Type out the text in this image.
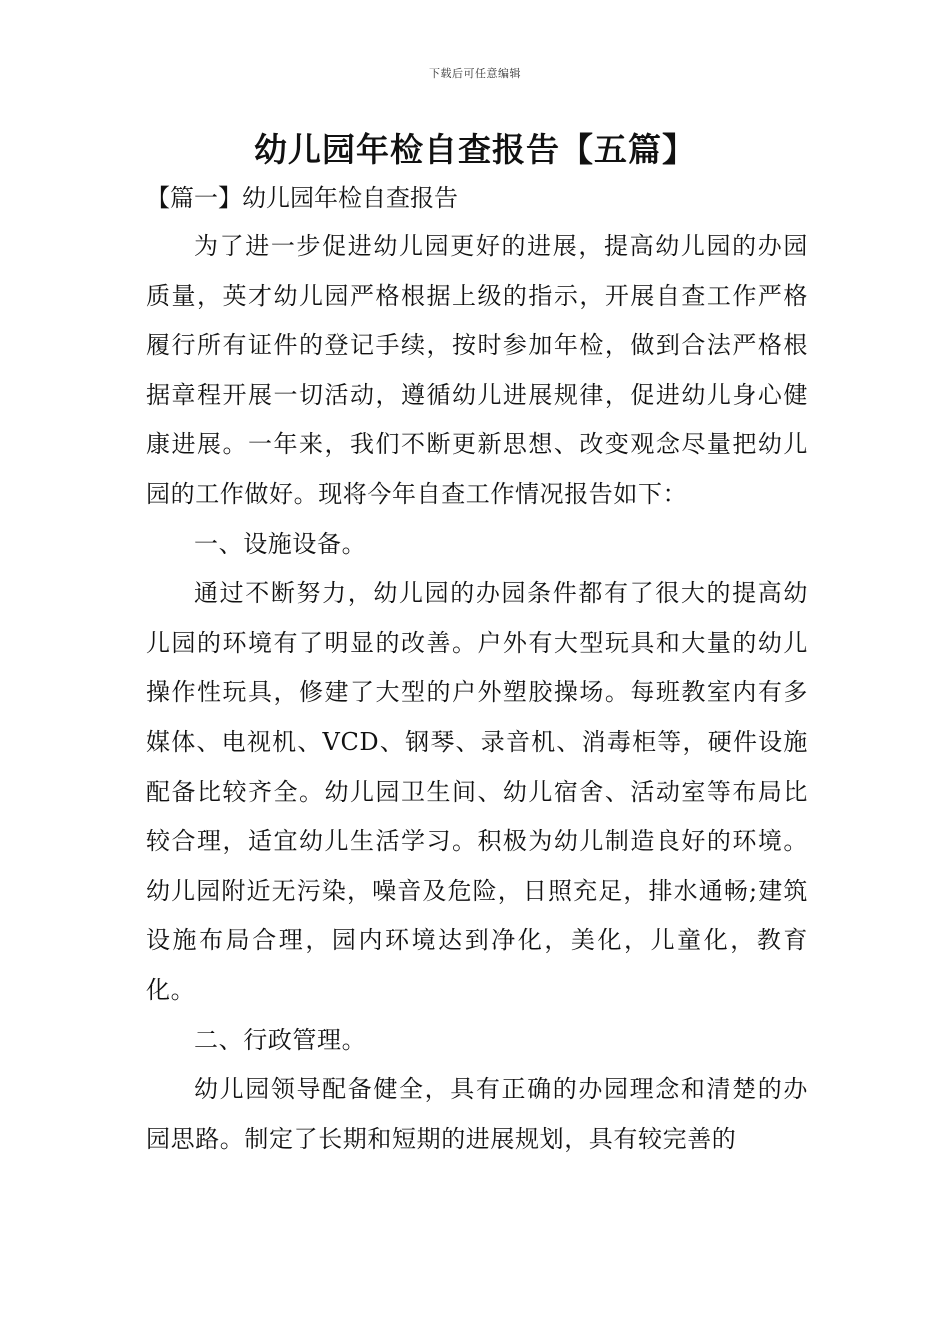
下载后可任意编辑
幼儿园年检自查报告【五篇】
【篇一】幼儿园年检自查报告

为了进一步促进幼儿园更好的进展，提高幼儿园的办园质量，英才幼儿园严格根据上级的指示，开展自查工作严格履行所有证件的登记手续，按时参加年检，做到合法严格根据章程开展一切活动，遵循幼儿进展规律，促进幼儿身心健康进展。一年来，我们不断更新思想、改变观念尽量把幼儿园的工作做好。现将今年自查工作情况报告如下：

一、设施设备。

通过不断努力，幼儿园的办园条件都有了很大的提高幼儿园的环境有了明显的改善。户外有大型玩具和大量的幼儿操作性玩具，修建了大型的户外塑胶操场。每班教室内有多媒体、电视机、VCD、钢琴、录音机、消毒柜等，硬件设施配备比较齐全。幼儿园卫生间、幼儿宿舍、活动室等布局比较合理，适宜幼儿生活学习。积极为幼儿制造良好的环境。幼儿园附近无污染，噪音及危险，日照充足，排水通畅;建筑设施布局合理，园内环境达到净化，美化，儿童化，教育化。

二、行政管理。

幼儿园领导配备健全，具有正确的办园理念和清楚的办园思路。制定了长期和短期的进展规划，具有较完善的
